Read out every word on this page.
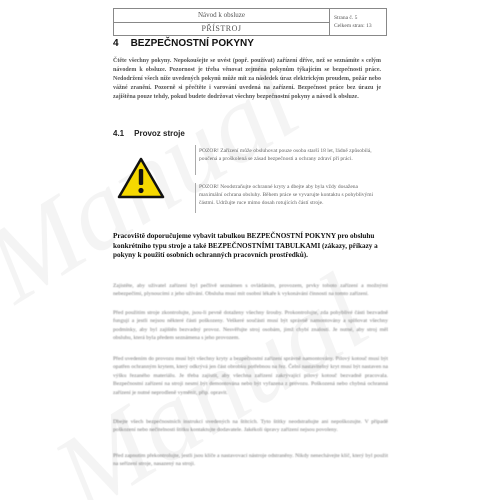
Návod k obsluze
PŘÍSTROJ
Strana č. 5
Celkem stran: 13
4 BEZPEČNOSTNÍ POKYNY
Čtěte všechny pokyny. Nepokoušejte se uvést (popř. používat) zařízení dříve, než se seznámíte s celým návodem k obsluze. Pozornost je třeba věnovat zejména pokynům týkajícím se bezpečnosti práce. Nedodržení všech níže uvedených pokynů může mít za následek úraz elektrickým proudem, požár nebo vážné zranění. Pozorně si přečtěte i varování uvedená na zařízení. Bezpečnost práce bez úrazu je zajištěna pouze tehdy, pokud budete dodržovat všechny bezpečnostní pokyny a návod k obsluze.
4.1 Provoz stroje
POZOR! Zařízení může obsluhovat pouze osoba starší 18 let, řádně způsobilá, poučená a proškolená se zásad bezpečnosti a ochrany zdraví při práci.
POZOR! Neodstraňujte ochranné kryty a dbejte aby byla vždy dosažena maximální ochrana obsluhy. Během práce se vyvarujte kontaktu s pohyblivými částmi. Udržujte ruce mimo dosah rotujících částí stroje.
Pracoviště doporučujeme vybavit tabulkou BEZPEČNOSTNÍ POKYNY pro obsluhu konkrétního typu stroje a také BEZPEČNOSTNÍMI TABULKAMI (zákazy, příkazy a pokyny k použití osobních ochranných pracovních prostředků).
Zajistěte, aby uživatel zařízení byl pečlivě seznámen s ovládáním, provozem, prvky tohoto zařízení a možnými nebezpečími, plynoucími z jeho užívání. Obsluha musí mít osobní lékaře k vykonávání činnosti na tomto zařízení.
Před použitím stroje zkontrolujte, jsou-li pevně dotaženy všechny šrouby. Prokontrolujte, zda pohyblivé části bezvadně fungují a jestli nejsou některé části poškozeny. Veškeré součásti musí být správně namontovány a splňovat všechny podmínky, aby byl zajištěn bezvadný provoz. Nesvěřujte stroj osobám, jimž chybí znalosti. Je nutné, aby stroj měl obsluhu, která byla předem seznámena s jeho provozem.
Před uvedením do provozu musí být všechny kryty a bezpečnostní zařízení správně namontovány. Pilový kotouč musí být opatřen ochranným krytem, který odkrývá jen část obrobku potřebnou na řez. Čelní nastavitelný kryt musí být nastaven na výšku řezaného materiálu. Je třeba zajistit, aby všechna zařízení zakrývající pilový kotouč bezvadně pracovala. Bezpečnostní zařízení na stroji nesmí být demontována nebo být vyřazena z provozu. Poškozená nebo chybná ochranná zařízení je nutné neprodleně vyměnit, příp. opravit.
Dbejte všech bezpečnostních instrukcí uvedených na štítcích. Tyto štítky neodstraňujte ani nepoškozujte. V případě poškození nebo nečitelnosti štítku kontaktujte dodavatele. Jakékoli úpravy zařízení nejsou povoleny.
Před zapnutím překontrolujte, jestli jsou klíče a nastavovací nástroje odstraněny. Nikdy nenechávejte klíč, který byl použit na seřízení stroje, nasazený na stroji.
